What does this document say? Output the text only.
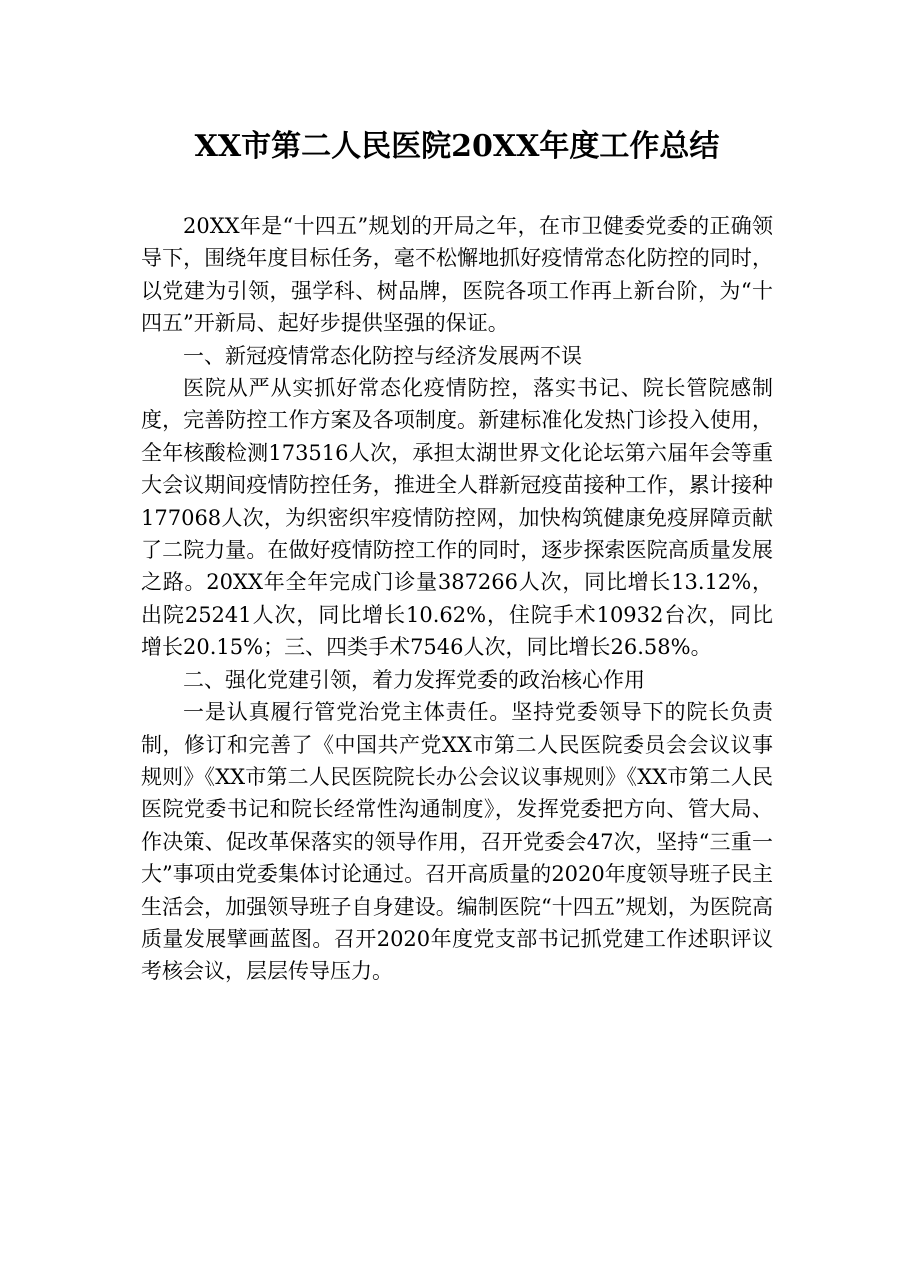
XX市第二人民医院20XX年度工作总结

20XX年是“十四五”规划的开局之年，在市卫健委党委的正确领导下，围绕年度目标任务，毫不松懈地抓好疫情常态化防控的同时，以党建为引领，强学科、树品牌，医院各项工作再上新台阶，为“十四五”开新局、起好步提供坚强的保证。

一、新冠疫情常态化防控与经济发展两不误

医院从严从实抓好常态化疫情防控，落实书记、院长管院感制度，完善防控工作方案及各项制度。新建标准化发热门诊投入使用，全年核酸检测173516人次，承担太湖世界文化论坛第六届年会等重大会议期间疫情防控任务，推进全人群新冠疫苗接种工作，累计接种177068人次，为织密织牢疫情防控网，加快构筑健康免疫屏障贡献了二院力量。在做好疫情防控工作的同时，逐步探索医院高质量发展之路。20XX年全年完成门诊量387266人次，同比增长13.12%，出院25241人次，同比增长10.62%，住院手术10932台次，同比增长20.15%；三、四类手术7546人次，同比增长26.58%。

二、强化党建引领，着力发挥党委的政治核心作用

一是认真履行管党治党主体责任。坚持党委领导下的院长负责制，修订和完善了《中国共产党XX市第二人民医院委员会会议议事规则》《XX市第二人民医院院长办公会议议事规则》《XX市第二人民医院党委书记和院长经常性沟通制度》，发挥党委把方向、管大局、作决策、促改革保落实的领导作用，召开党委会47次，坚持“三重一大”事项由党委集体讨论通过。召开高质量的2020年度领导班子民主生活会，加强领导班子自身建设。编制医院“十四五”规划，为医院高质量发展擘画蓝图。召开2020年度党支部书记抓党建工作述职评议考核会议，层层传导压力。
